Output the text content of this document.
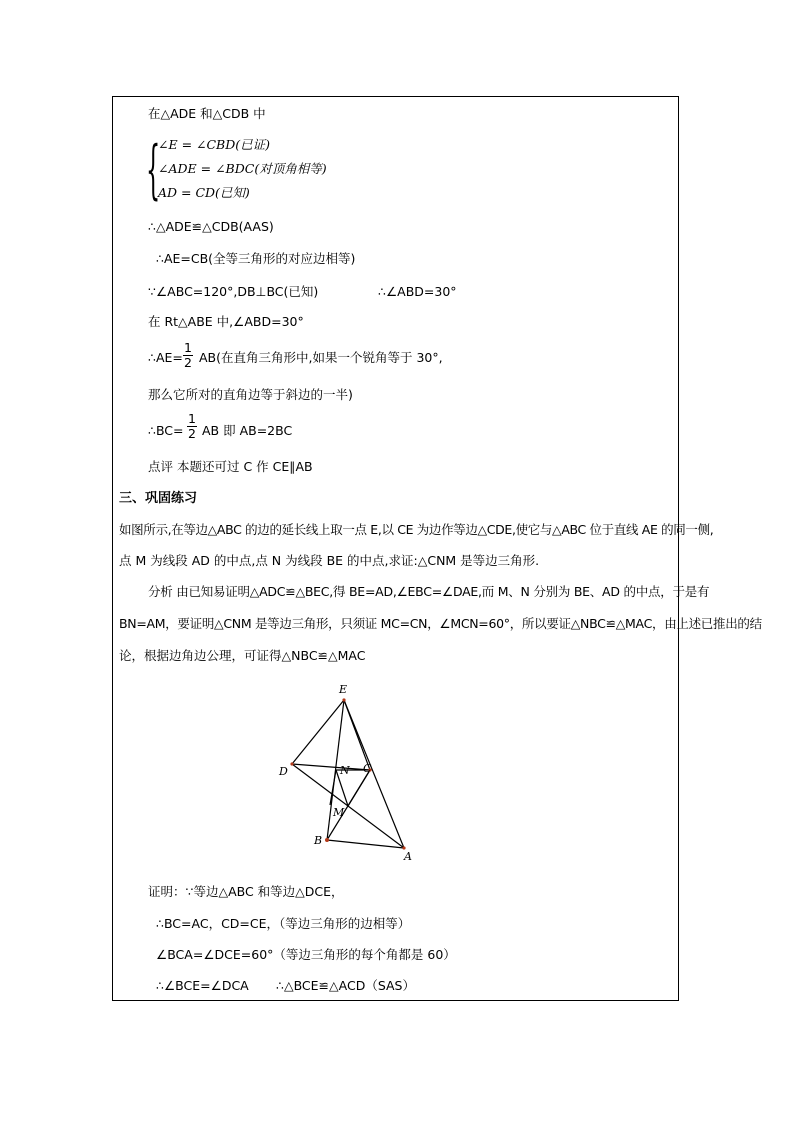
在△ADE 和△CDB 中
{
∠E = ∠CBD(已证)
∠ADE = ∠BDC(对顶角相等)
AD = CD(已知)
∴△ADE≌△CDB(AAS)
∴AE=CB(全等三角形的对应边相等)
∵∠ABC=120°,DB⊥BC(已知)	∴∠ABD=30°
在 Rt△ABE 中,∠ABD=30°
∴AE=
1
2 AB(在直角三角形中,如果一个锐角等于 30°,
那么它所对的直角边等于斜边的一半)
∴BC=
1
2 AB 即 AB=2BC
点评 本题还可过 C 作 CE∥AB
三、巩固练习
如图所示,在等边△ABC 的边的延长线上取一点 E,以 CE 为边作等边△CDE,使它与△ABC 位于直线 AE 的同一侧,
点 M 为线段 AD 的中点,点 N 为线段 BE 的中点,求证:△CNM 是等边三角形.
分析 由已知易证明△ADC≌△BEC,得 BE=AD,∠EBC=∠DAE,而 M、N 分别为 BE、AD 的中点，于是有
BN=AM，要证明△CNM 是等边三角形，只须证 MC=CN，∠MCN=60°，所以要证△NBC≌△MAC，由上述已推出的结
论，根据边角边公理，可证得△NBC≌△MAC
E
D	N C
M
B
A
证明：∵等边△ABC 和等边△DCE，
∴BC=AC，CD=CE，（等边三角形的边相等）
∠BCA=∠DCE=60°（等边三角形的每个角都是 60）
∴∠BCE=∠DCA ∴△BCE≌△ACD（SAS）
